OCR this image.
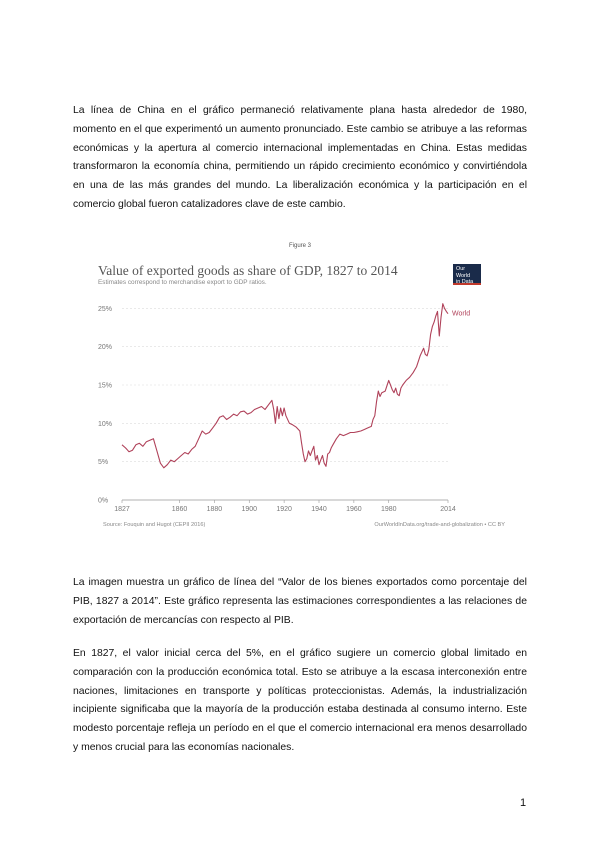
La línea de China en el gráfico permaneció relativamente plana hasta alrededor de 1980, momento en el que experimentó un aumento pronunciado. Este cambio se atribuye a las reformas económicas y la apertura al comercio internacional implementadas en China. Estas medidas transformaron la economía china, permitiendo un rápido crecimiento económico y convirtiéndola en una de las más grandes del mundo. La liberalización económica y la participación en el comercio global fueron catalizadores clave de este cambio.

Figure 3
Value of exported goods as share of GDP, 1827 to 2014
Estimates correspond to merchandise export to GDP ratios.
Our World
in Data
0%
5%
10%
15%
20%
25%
1827	1860	1880	1900	1920	1940	1960	1980	2014
World
Source: Fouquin and Hugot (CEPII 2016)	OurWorldInData.org/trade-and-globalization • CC BY

La imagen muestra un gráfico de línea del “Valor de los bienes exportados como porcentaje del PIB, 1827 a 2014”. Este gráfico representa las estimaciones correspondientes a las relaciones de exportación de mercancías con respecto al PIB.

En 1827, el valor inicial cerca del 5%, en el gráfico sugiere un comercio global limitado en comparación con la producción económica total. Esto se atribuye a la escasa interconexión entre naciones, limitaciones en transporte y políticas proteccionistas. Además, la industrialización incipiente significaba que la mayoría de la producción estaba destinada al consumo interno. Este modesto porcentaje refleja un período en el que el comercio internacional era menos desarrollado y menos crucial para las economías nacionales.

1
